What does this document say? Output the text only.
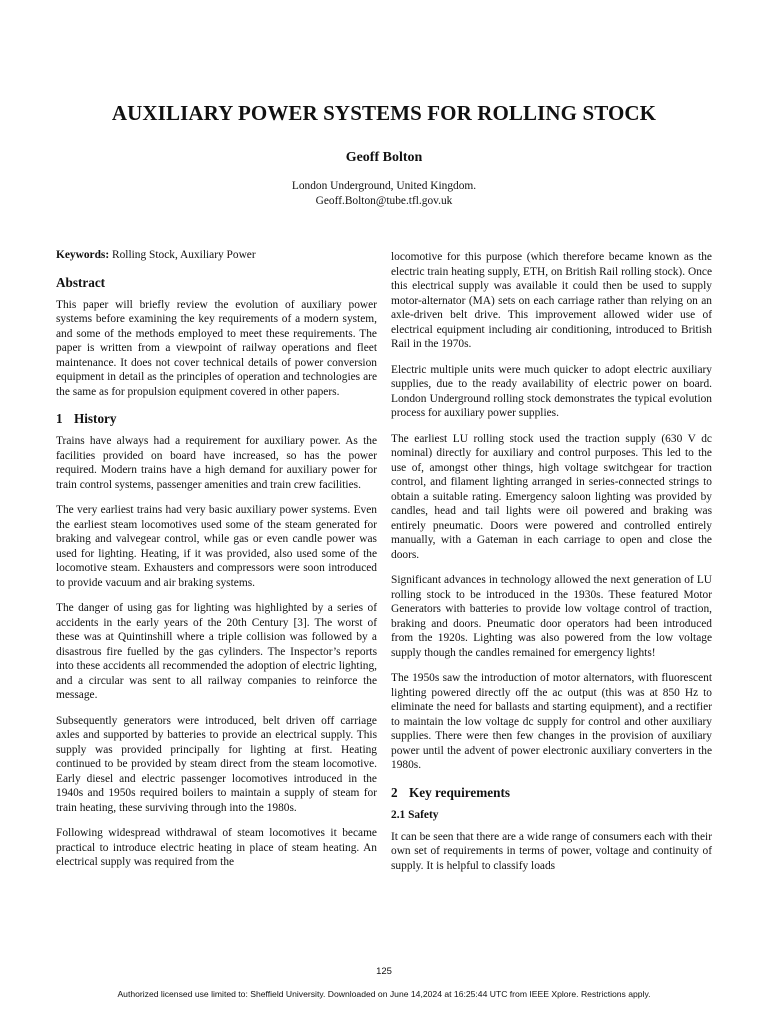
AUXILIARY POWER SYSTEMS FOR ROLLING STOCK
Geoff Bolton
London Underground, United Kingdom.
Geoff.Bolton@tube.tfl.gov.uk

Keywords: Rolling Stock, Auxiliary Power

Abstract

This paper will briefly review the evolution of auxiliary power systems before examining the key requirements of a modern system, and some of the methods employed to meet these requirements. The paper is written from a viewpoint of railway operations and fleet maintenance. It does not cover technical details of power conversion equipment in detail as the principles of operation and technologies are the same as for propulsion equipment covered in other papers.

1 History

Trains have always had a requirement for auxiliary power. As the facilities provided on board have increased, so has the power required. Modern trains have a high demand for auxiliary power for train control systems, passenger amenities and train crew facilities.

The very earliest trains had very basic auxiliary power systems. Even the earliest steam locomotives used some of the steam generated for braking and valvegear control, while gas or even candle power was used for lighting. Heating, if it was provided, also used some of the locomotive steam. Exhausters and compressors were soon introduced to provide vacuum and air braking systems.

The danger of using gas for lighting was highlighted by a series of accidents in the early years of the 20th Century [3]. The worst of these was at Quintinshill where a triple collision was followed by a disastrous fire fuelled by the gas cylinders. The Inspector’s reports into these accidents all recommended the adoption of electric lighting, and a circular was sent to all railway companies to reinforce the message.

Subsequently generators were introduced, belt driven off carriage axles and supported by batteries to provide an electrical supply. This supply was provided principally for lighting at first. Heating continued to be provided by steam direct from the steam locomotive. Early diesel and electric passenger locomotives introduced in the 1940s and 1950s required boilers to maintain a supply of steam for train heating, these surviving through into the 1980s.

Following widespread withdrawal of steam locomotives it became practical to introduce electric heating in place of steam heating. An electrical supply was required from the

locomotive for this purpose (which therefore became known as the electric train heating supply, ETH, on British Rail rolling stock). Once this electrical supply was available it could then be used to supply motor-alternator (MA) sets on each carriage rather than relying on an axle-driven belt drive. This improvement allowed wider use of electrical equipment including air conditioning, introduced to British Rail in the 1970s.

Electric multiple units were much quicker to adopt electric auxiliary supplies, due to the ready availability of electric power on board. London Underground rolling stock demonstrates the typical evolution process for auxiliary power supplies.

The earliest LU rolling stock used the traction supply (630 V dc nominal) directly for auxiliary and control purposes. This led to the use of, amongst other things, high voltage switchgear for traction control, and filament lighting arranged in series-connected strings to obtain a suitable rating. Emergency saloon lighting was provided by candles, head and tail lights were oil powered and braking was entirely pneumatic. Doors were powered and controlled entirely manually, with a Gateman in each carriage to open and close the doors.

Significant advances in technology allowed the next generation of LU rolling stock to be introduced in the 1930s. These featured Motor Generators with batteries to provide low voltage control of traction, braking and doors. Pneumatic door operators had been introduced from the 1920s. Lighting was also powered from the low voltage supply though the candles remained for emergency lights!

The 1950s saw the introduction of motor alternators, with fluorescent lighting powered directly off the ac output (this was at 850 Hz to eliminate the need for ballasts and starting equipment), and a rectifier to maintain the low voltage dc supply for control and other auxiliary supplies. There were then few changes in the provision of auxiliary power until the advent of power electronic auxiliary converters in the 1980s.

2 Key requirements
2.1 Safety

It can be seen that there are a wide range of consumers each with their own set of requirements in terms of power, voltage and continuity of supply. It is helpful to classify loads

125
Authorized licensed use limited to: Sheffield University. Downloaded on June 14,2024 at 16:25:44 UTC from IEEE Xplore. Restrictions apply.
